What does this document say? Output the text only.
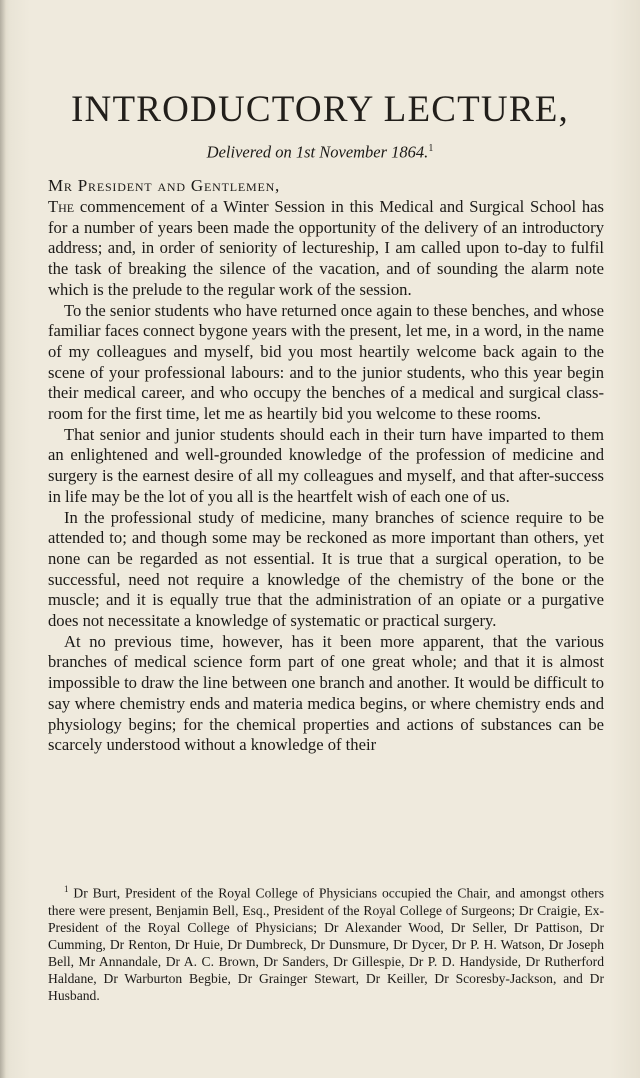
INTRODUCTORY LECTURE,

Delivered on 1st November 1864.$^1$

Mr President and Gentlemen,

The commencement of a Winter Session in this Medical and Surgical School has for a number of years been made the opportunity of the delivery of an introductory address; and, in order of seniority of lectureship, I am called upon to-day to fulfil the task of breaking the silence of the vacation, and of sounding the alarm note which is the prelude to the regular work of the session.

To the senior students who have returned once again to these benches, and whose familiar faces connect bygone years with the present, let me, in a word, in the name of my colleagues and myself, bid you most heartily welcome back again to the scene of your professional labours: and to the junior students, who this year begin their medical career, and who occupy the benches of a medical and surgical class-room for the first time, let me as heartily bid you welcome to these rooms.

That senior and junior students should each in their turn have imparted to them an enlightened and well-grounded knowledge of the profession of medicine and surgery is the earnest desire of all my colleagues and myself, and that after-success in life may be the lot of you all is the heartfelt wish of each one of us.

In the professional study of medicine, many branches of science require to be attended to; and though some may be reckoned as more important than others, yet none can be regarded as not essential. It is true that a surgical operation, to be successful, need not require a knowledge of the chemistry of the bone or the muscle; and it is equally true that the administration of an opiate or a purgative does not necessitate a knowledge of systematic or practical surgery.

At no previous time, however, has it been more apparent, that the various branches of medical science form part of one great whole; and that it is almost impossible to draw the line between one branch and another. It would be difficult to say where chemistry ends and materia medica begins, or where chemistry ends and physiology begins; for the chemical properties and actions of substances can be scarcely understood without a knowledge of their

$^1$ Dr Burt, President of the Royal College of Physicians occupied the Chair, and amongst others there were present, Benjamin Bell, Esq., President of the Royal College of Surgeons; Dr Craigie, Ex-President of the Royal College of Physicians; Dr Alexander Wood, Dr Seller, Dr Pattison, Dr Cumming, Dr Renton, Dr Huie, Dr Dumbreck, Dr Dunsmure, Dr Dycer, Dr P. H. Watson, Dr Joseph Bell, Mr Annandale, Dr A. C. Brown, Dr Sanders, Dr Gillespie, Dr P. D. Handyside, Dr Rutherford Haldane, Dr Warburton Begbie, Dr Grainger Stewart, Dr Keiller, Dr Scoresby-Jackson, and Dr Husband.
